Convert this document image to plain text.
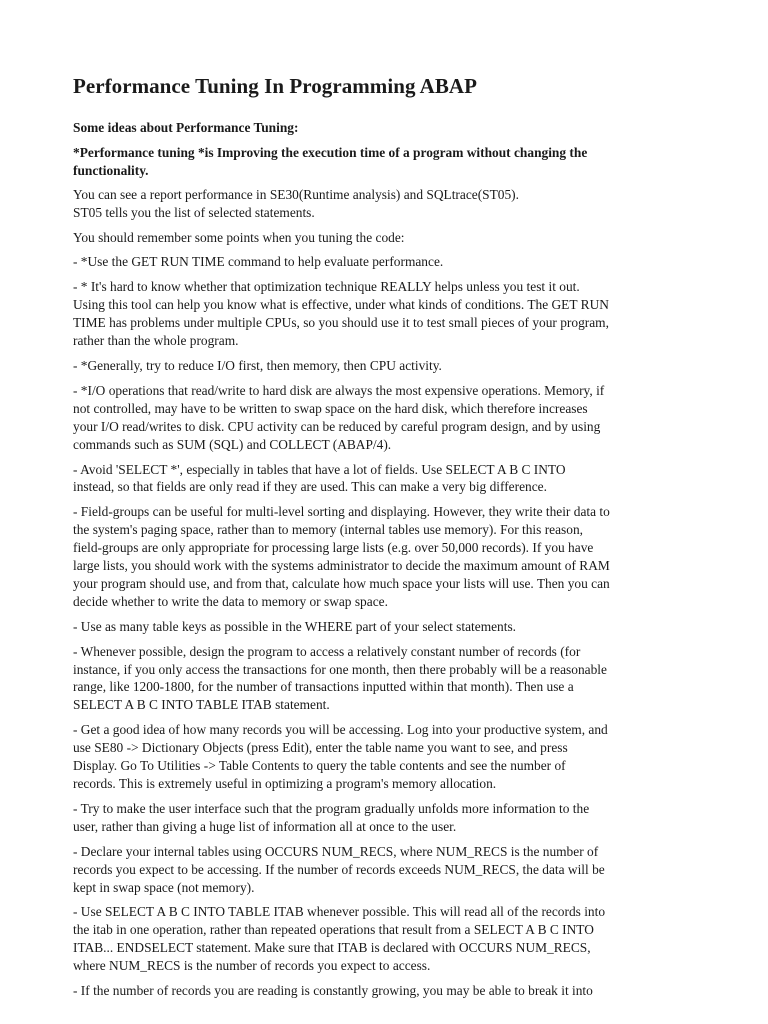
Performance Tuning In Programming ABAP
Some ideas about Performance Tuning:
*Performance tuning *is Improving the execution time of a program without changing the
functionality.
You can see a report performance in SE30(Runtime analysis) and SQLtrace(ST05).
ST05 tells you the list of selected statements.
You should remember some points when you tuning the code:
- *Use the GET RUN TIME command to help evaluate performance.
- * It's hard to know whether that optimization technique REALLY helps unless you test it out.
Using this tool can help you know what is effective, under what kinds of conditions. The GET RUN
TIME has problems under multiple CPUs, so you should use it to test small pieces of your program,
rather than the whole program.
- *Generally, try to reduce I/O first, then memory, then CPU activity.
- *I/O operations that read/write to hard disk are always the most expensive operations. Memory, if
not controlled, may have to be written to swap space on the hard disk, which therefore increases
your I/O read/writes to disk. CPU activity can be reduced by careful program design, and by using
commands such as SUM (SQL) and COLLECT (ABAP/4).
- Avoid 'SELECT *', especially in tables that have a lot of fields. Use SELECT A B C INTO
instead, so that fields are only read if they are used. This can make a very big difference.
- Field-groups can be useful for multi-level sorting and displaying. However, they write their data to
the system's paging space, rather than to memory (internal tables use memory). For this reason,
field-groups are only appropriate for processing large lists (e.g. over 50,000 records). If you have
large lists, you should work with the systems administrator to decide the maximum amount of RAM
your program should use, and from that, calculate how much space your lists will use. Then you can
decide whether to write the data to memory or swap space.
- Use as many table keys as possible in the WHERE part of your select statements.
- Whenever possible, design the program to access a relatively constant number of records (for
instance, if you only access the transactions for one month, then there probably will be a reasonable
range, like 1200-1800, for the number of transactions inputted within that month). Then use a
SELECT A B C INTO TABLE ITAB statement.
- Get a good idea of how many records you will be accessing. Log into your productive system, and
use SE80 -> Dictionary Objects (press Edit), enter the table name you want to see, and press
Display. Go To Utilities -> Table Contents to query the table contents and see the number of
records. This is extremely useful in optimizing a program's memory allocation.
- Try to make the user interface such that the program gradually unfolds more information to the
user, rather than giving a huge list of information all at once to the user.
- Declare your internal tables using OCCURS NUM_RECS, where NUM_RECS is the number of
records you expect to be accessing. If the number of records exceeds NUM_RECS, the data will be
kept in swap space (not memory).
- Use SELECT A B C INTO TABLE ITAB whenever possible. This will read all of the records into
the itab in one operation, rather than repeated operations that result from a SELECT A B C INTO
ITAB... ENDSELECT statement. Make sure that ITAB is declared with OCCURS NUM_RECS,
where NUM_RECS is the number of records you expect to access.
- If the number of records you are reading is constantly growing, you may be able to break it into
